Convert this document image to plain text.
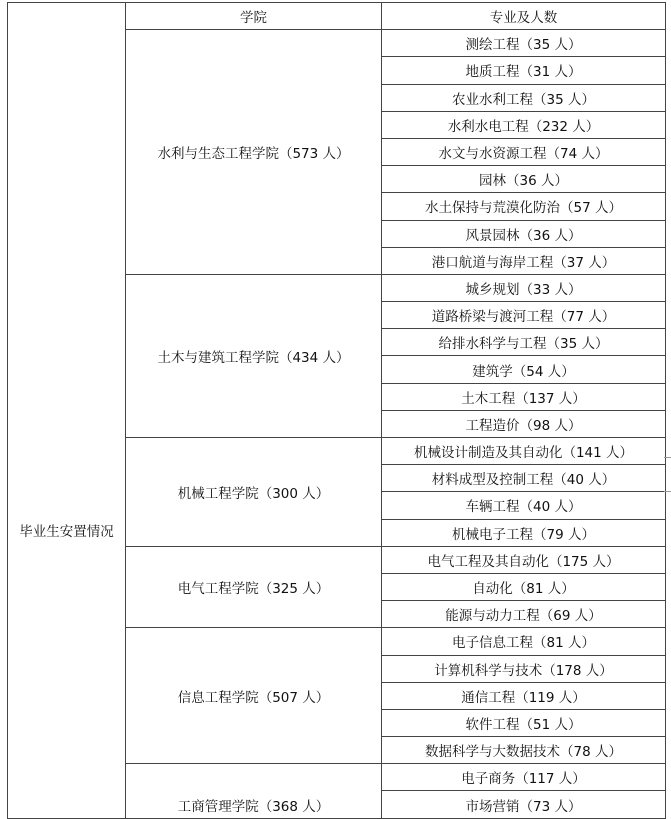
毕业生安置情况	学院	专业及人数
	水利与生态工程学院（573 人）	测绘工程（35 人）
		地质工程（31 人）
		农业水利工程（35 人）
		水利水电工程（232 人）
		水文与水资源工程（74 人）
		园林（36 人）
		水土保持与荒漠化防治（57 人）
		风景园林（36 人）
		港口航道与海岸工程（37 人）
	土木与建筑工程学院（434 人）	城乡规划（33 人）
		道路桥梁与渡河工程（77 人）
		给排水科学与工程（35 人）
		建筑学（54 人）
		土木工程（137 人）
		工程造价（98 人）
	机械工程学院（300 人）	机械设计制造及其自动化（141 人）
		材料成型及控制工程（40 人）
		车辆工程（40 人）
		机械电子工程（79 人）
	电气工程学院（325 人）	电气工程及其自动化（175 人）
		自动化（81 人）
		能源与动力工程（69 人）
	信息工程学院（507 人）	电子信息工程（81 人）
		计算机科学与技术（178 人）
		通信工程（119 人）
		软件工程（51 人）
		数据科学与大数据技术（78 人）
	工商管理学院（368 人）	电子商务（117 人）
		市场营销（73 人）
